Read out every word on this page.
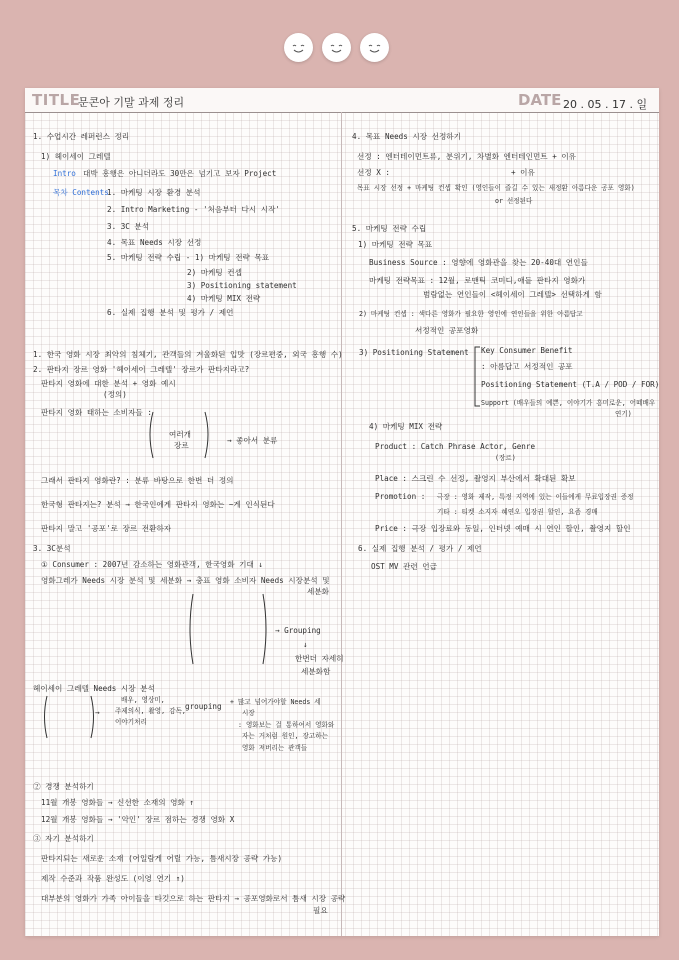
TITLE
문콘아 기말 과제 정리	DATE 20 . 05 . 17 . 일
1. 수업시간 레퍼런스 정리
1) 헤이세이 그레텔
Intro 대박 흥행은 아니더라도 30만은 넘기고 보자 Project
목차 Contents
1. 마케팅 시장 환경 분석
2. Intro Marketing - '처음부터 다시 시작'
3. 3C 분석
4. 목표 Needs 시장 선정
5. 마케팅 전략 수립 - 1) 마케팅 전략 목표
2) 마케팅 컨셉
3) Positioning statement
4) 마케팅 MIX 전략
6. 실제 집행 분석 및 평가 / 제언
1. 한국 영화 시장 최악의 침체기, 관객들의 겨울화된 입맛 (장르편중, 외국 흥행 수)
2. 판타지 장르 영화 '헤이세이 그레텔' 장르가 판타지라고?
판타지 영화에 대한 분석 + 영화 예시
(정의)
판타지 영화 태하는 소비자들 :
여러개
장르
→ 좋아서 분류
그래서 판타지 영화란? : 분류 바탕으로 한번 더 정의
한국형 판타지는? 분석 → 한국인에게 판타지 영화는 ~게 인식된다
판타지 말고 '공포'로 장르 전환하자
3. 3C분석
① Consumer : 2007년 감소하는 영화관객, 한국영화 기대 ↓
영화그레가 Needs 시장 분석 및 세분화 → 충표 영화 소비자 Needs 시장분석 및
세분화
→ Grouping
↓
한번더 자세히
세분화함
헤이세이 그레텔 Needs 시장 분석
→
배우, 영상미,
주제의식, 촬영, 감독,
이야기처리
grouping + 많고 넘어가야할 Needs 세
시장
: 영화보는 걸 통하여서 영화와
자는 거처럼 원인, 장고하는
영화 져버리는 관객들
② 경쟁 분석하기
11월 개봉 영화들 → 신선한 소재의 영화 ↑
12월 개봉 영화들 → '악인' 장르 점하는 경쟁 영화 X
③ 자기 분석하기
판타지되는 새로운 소재 (어일람게 어릴 가능, 틈새시장 공략 가능)
제작 수준과 작품 완성도 (이영 연기 ↑)
대부분의 영화가 가족 아이들을 타깃으로 하는 판타지 → 공포영화로서 틈새 시장 공략
필요
4. 목표 Needs 시장 선정하기
선정 : 엔터테이먼트류, 분위기, 차별화 엔터테인먼트 + 이유
선정 X :	+ 이유
목표 시장 선정 + 마케팅 컨셉 확인 (영인들이 즐길 수 있는 새정환 아름다운 공포 영화)
or 선정된다
5. 마케팅 전략 수립
1) 마케팅 전략 목표
Business Source : 영향에 영화관을 찾는 20-40대 연인들
마케팅 전략목표 : 12월, 로맨틱 코미디,애듵 판타지 영화가
범람없는 연인들이 <헤이세이 그레텔> 선택하게 함
2) 마케팅 컨셉 : 색다른 영화가 필요한 영인에 연인들을 위한 아름답고
서정적인 공포영화
3) Positioning Statement Key Consumer Benefit
: 아름답고 서정적인 공포
Positioning Statement (T.A / POD / FOR)
Support (배우들의 예쁜, 이야기가 흥미로운, 어떼배우
연기)
4) 마케팅 MIX 전략
Product : Catch Phrase Actor, Genre
(장르)
Place : 스크린 수 선정, 촬영지 부산에서 확대된 확보
Promotion : 극장 : 영화 제작, 특정 지역에 있는 이들에게 무료입장권 증정
기타 : 티켓 소지자 혜연오 입장권 할인, 요즘 경매
Price : 극장 입장료와 동일, 인터넷 예매 시 연인 할인, 촬영지 할인
6. 실제 집행 분석 / 평가 / 제언
OST MV 관련 언급
